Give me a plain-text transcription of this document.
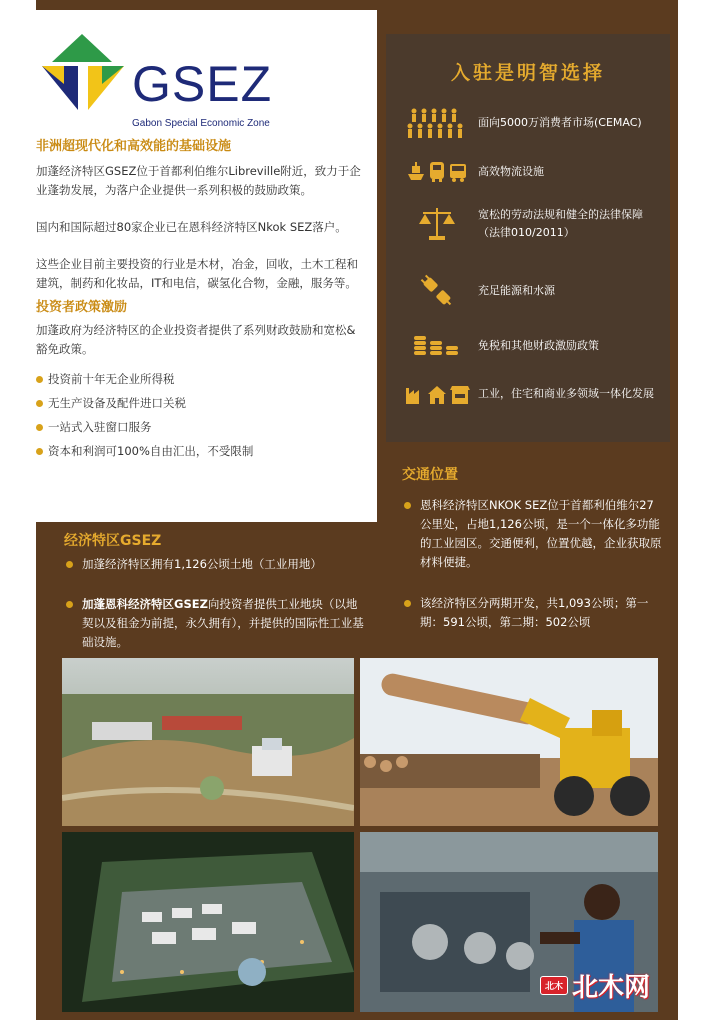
GSEZ
Gabon Special Economic Zone
非洲超现代化和高效能的基础设施

加蓬经济特区GSEZ位于首都利伯维尔Libreville附近，致力于企业蓬勃发展，为落户企业提供一系列积极的鼓励政策。

国内和国际超过80家企业已在恩科经济特区Nkok SEZ落户。

这些企业目前主要投资的行业是木材，冶金，回收，土木工程和建筑，制药和化妆品，IT和电信，碳氢化合物，金融，服务等。

投资者政策激励

加蓬政府为经济特区的企业投资者提供了系列财政鼓励和宽松&豁免政策。

投资前十年无企业所得税
无生产设备及配件进口关税
一站式入驻窗口服务
资本和利润可100%自由汇出，不受限制
入驻是明智选择
面向5000万消费者市场(CEMAC)
高效物流设施
宽松的劳动法规和健全的法律保障（法律010/2011）
充足能源和水源
免税和其他财政激励政策
工业，住宅和商业多领域一体化发展
经济特区GSEZ
加蓬经济特区拥有1,126公顷土地（工业用地）
加蓬恩科经济特区GSEZ向投资者提供工业地块（以地契以及租金为前提，永久拥有），并提供的国际性工业基础设施。
交通位置
恩科经济特区NKOK SEZ位于首都利伯维尔27公里处，占地1,126公顷，是一个一体化多功能的工业园区。交通便利，位置优越，企业获取原材料便捷。
该经济特区分两期开发，共1,093公顷；第一期：591公顷，第二期：502公顷
北木 北木网
